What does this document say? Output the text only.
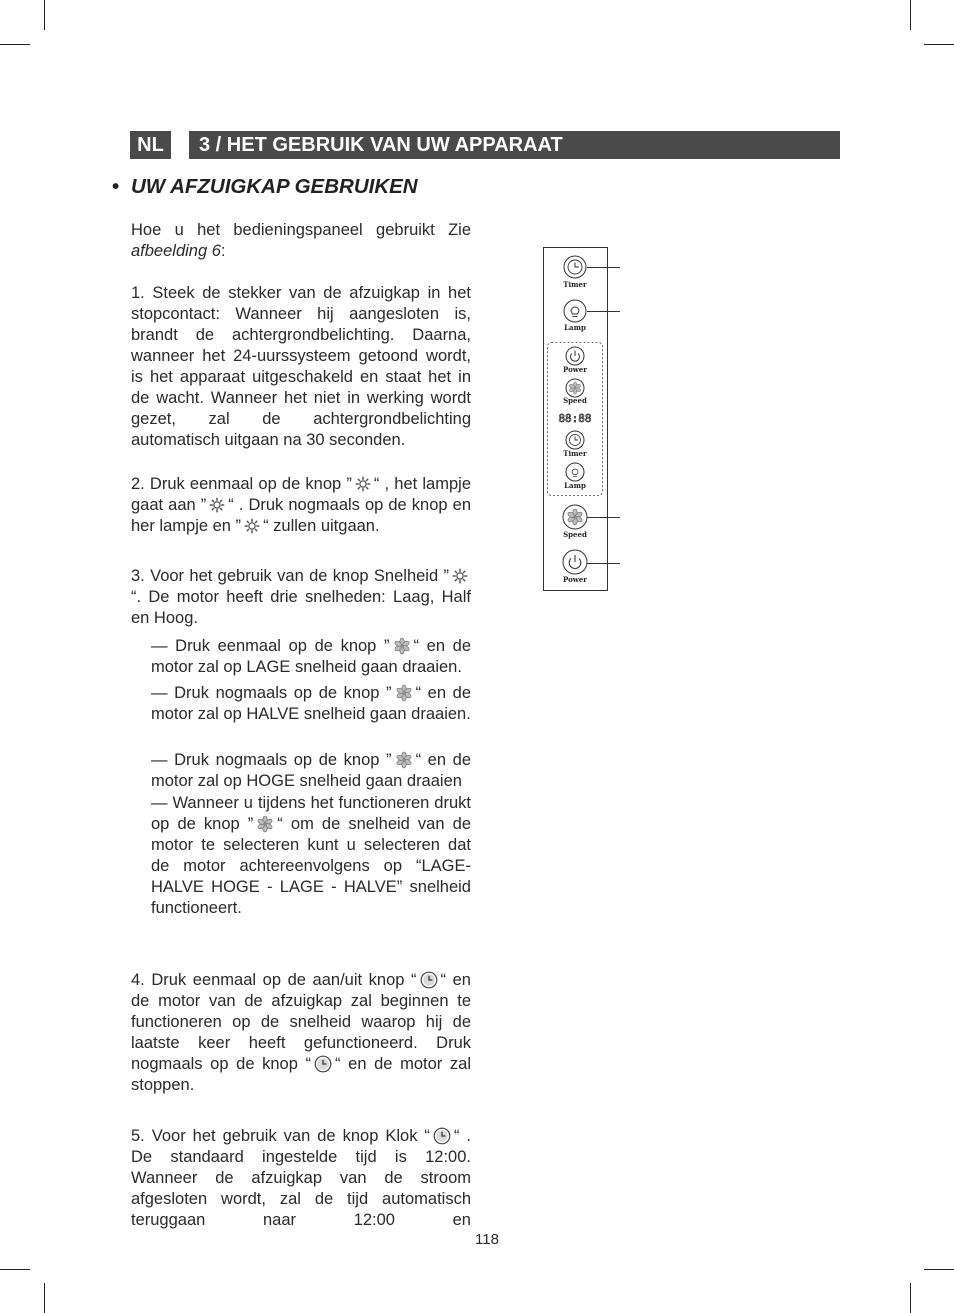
NL	3 / HET GEBRUIK VAN UW APPARAAT
• UW AFZUIGKAP GEBRUIKEN
Hoe u het bedieningspaneel gebruikt Zie afbeelding 6:
1. Steek de stekker van de afzuigkap in het stopcontact: Wanneer hij aangesloten is, brandt de achtergrondbelichting. Daarna, wanneer het 24-uurssysteem getoond wordt, is het apparaat uitgeschakeld en staat het in de wacht. Wanneer het niet in werking wordt gezet, zal de achtergrondbelichting automatisch uitgaan na 30 seconden.
2. Druk eenmaal op de knop ” “ , het lampje gaat aan ” “ . Druk nogmaals op de knop en her lampje en ” “ zullen uitgaan.
3. Voor het gebruik van de knop Snelheid ”
“. De motor heeft drie snelheden: Laag, Half en Hoog.
— Druk eenmaal op de knop ” “ en de motor zal op LAGE snelheid gaan draaien.
— Druk nogmaals op de knop ” “ en de motor zal op HALVE snelheid gaan draaien.
— Druk nogmaals op de knop ” “ en de motor zal op HOGE snelheid gaan draaien
— Wanneer u tijdens het functioneren drukt op de knop ” “ om de snelheid van de motor te selecteren kunt u selecteren dat de motor achtereenvolgens op “LAGE-HALVE HOGE - LAGE - HALVE” snelheid functioneert.
4. Druk eenmaal op de aan/uit knop “ “ en de motor van de afzuigkap zal beginnen te functioneren op de snelheid waarop hij de laatste keer heeft gefunctioneerd. Druk nogmaals op de knop “ “ en de motor zal stoppen.
5. Voor het gebruik van de knop Klok “ “ . De standaard ingestelde tijd is 12:00. Wanneer de afzuigkap van de stroom afgesloten wordt, zal de tijd automatisch teruggaan naar 12:00 en
118
Timer
Lamp
Power
Speed
88:88
Timer
Lamp
Speed
Power
